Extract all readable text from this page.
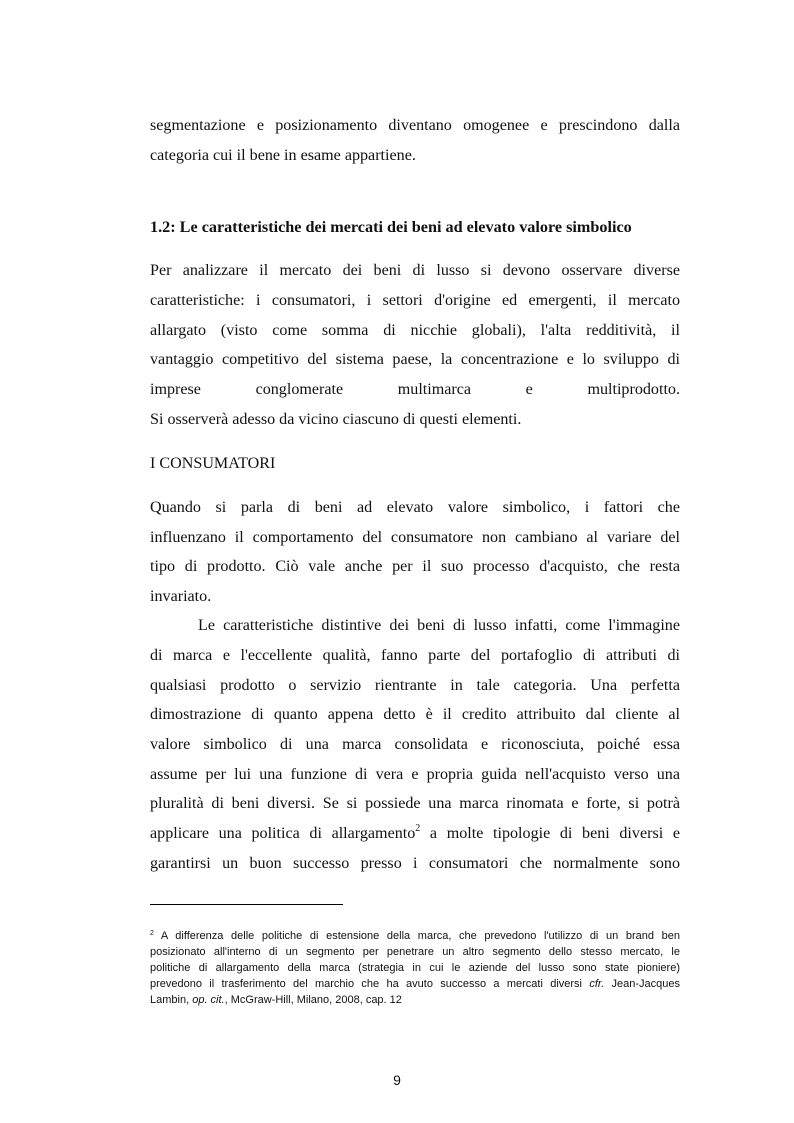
segmentazione e posizionamento diventano omogenee e prescindono dalla

categoria cui il bene in esame appartiene.

1.2: Le caratteristiche dei mercati dei beni ad elevato valore simbolico

Per analizzare il mercato dei beni di lusso si devono osservare diverse

caratteristiche: i consumatori, i settori d'origine ed emergenti, il mercato

allargato (visto come somma di nicchie globali), l'alta redditività, il

vantaggio competitivo del sistema paese, la concentrazione e lo sviluppo di

imprese conglomerate multimarca e multiprodotto.

Si osserverà adesso da vicino ciascuno di questi elementi.

I CONSUMATORI

Quando si parla di beni ad elevato valore simbolico, i fattori che

influenzano il comportamento del consumatore non cambiano al variare del

tipo di prodotto. Ciò vale anche per il suo processo d'acquisto, che resta

invariato.

Le caratteristiche distintive dei beni di lusso infatti, come l'immagine

di marca e l'eccellente qualità, fanno parte del portafoglio di attributi di

qualsiasi prodotto o servizio rientrante in tale categoria. Una perfetta

dimostrazione di quanto appena detto è il credito attribuito dal cliente al

valore simbolico di una marca consolidata e riconosciuta, poiché essa

assume per lui una funzione di vera e propria guida nell'acquisto verso una

pluralità di beni diversi. Se si possiede una marca rinomata e forte, si potrà

applicare una politica di allargamento$^2$ a molte tipologie di beni diversi e

garantirsi un buon successo presso i consumatori che normalmente sono

$^2$ A differenza delle politiche di estensione della marca, che prevedono l'utilizzo di un brand ben

posizionato all'interno di un segmento per penetrare un altro segmento dello stesso mercato, le

politiche di allargamento della marca (strategia in cui le aziende del lusso sono state pioniere)

prevedono il trasferimento del marchio che ha avuto successo a mercati diversi cfr. Jean-Jacques

Lambin, op. cit., McGraw-Hill, Milano, 2008, cap. 12

9
